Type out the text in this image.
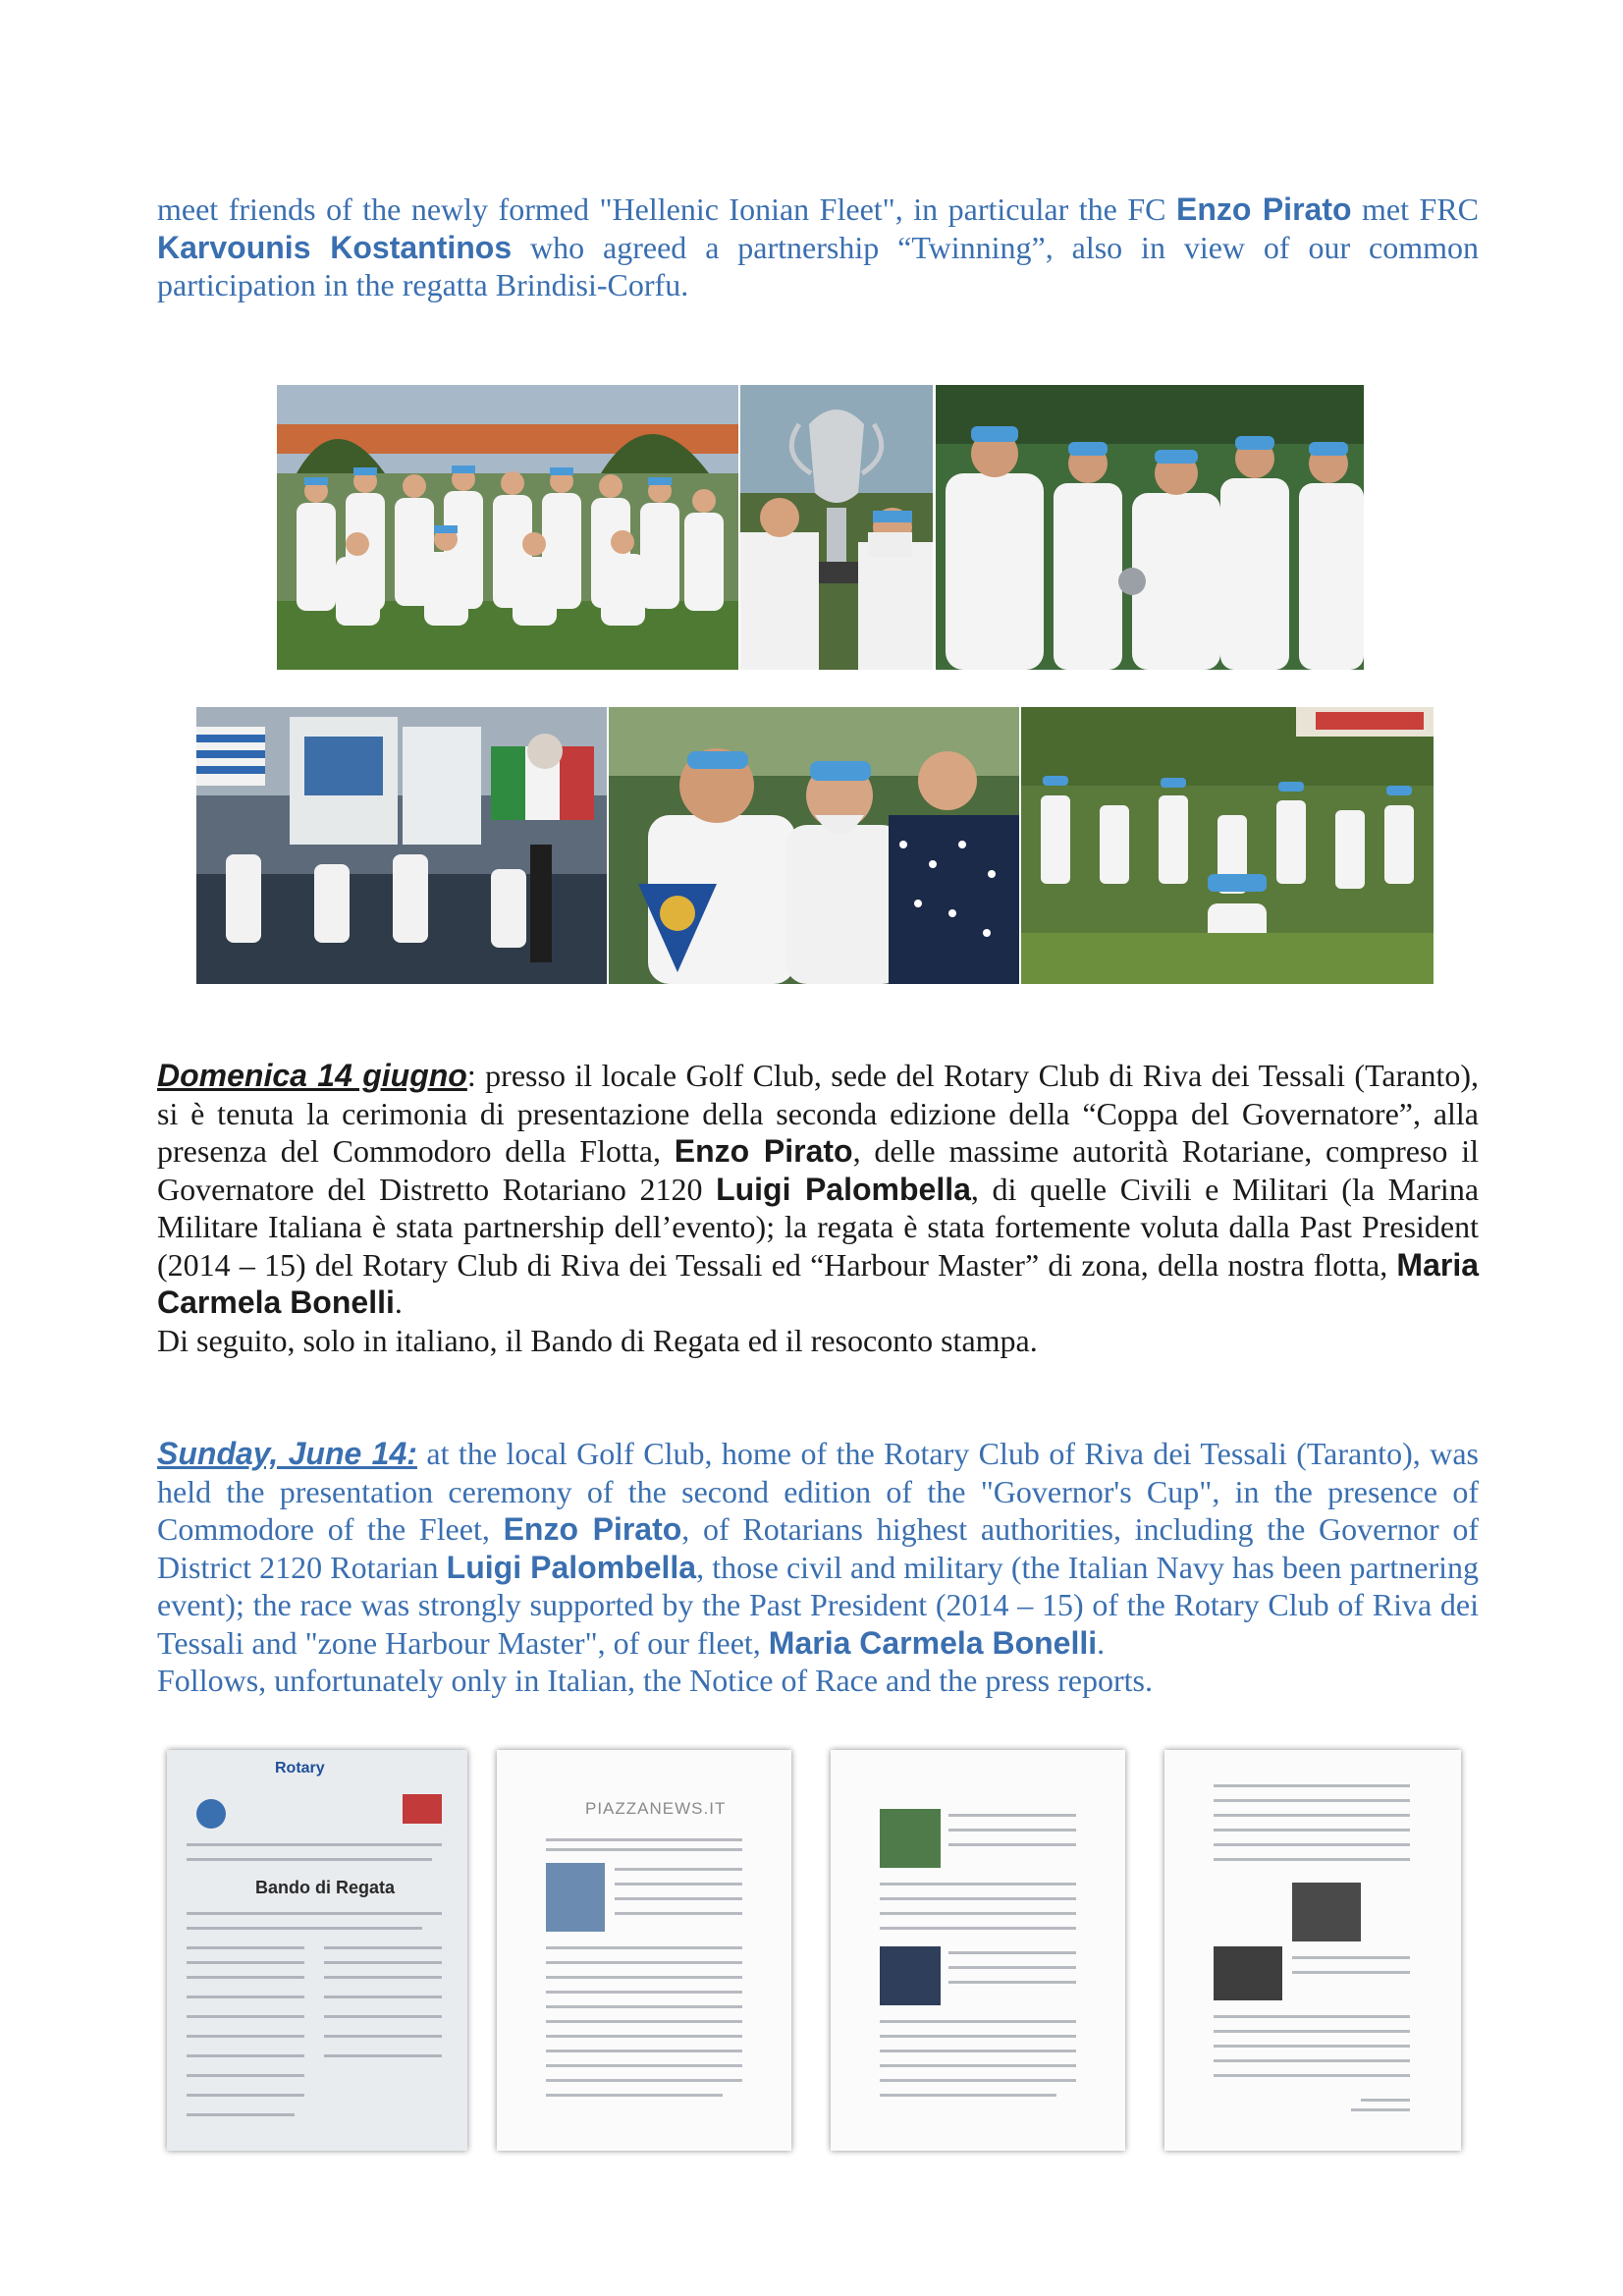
meet friends of the newly formed "Hellenic Ionian Fleet", in particular the FC Enzo Pirato met FRC Karvounis Kostantinos who agreed a partnership “Twinning”, also in view of our common participation in the regatta Brindisi-Corfu.
Domenica 14 giugno: presso il locale Golf Club, sede del Rotary Club di Riva dei Tessali (Taranto), si è tenuta la cerimonia di presentazione della seconda edizione della “Coppa del Governatore”, alla presenza del Commodoro della Flotta, Enzo Pirato, delle massime autorità Rotariane, compreso il Governatore del Distretto Rotariano 2120 Luigi Palombella, di quelle Civili e Militari (la Marina Militare Italiana è stata partnership dell’evento); la regata è stata fortemente voluta dalla Past President (2014 – 15) del Rotary Club di Riva dei Tessali ed “Harbour Master” di zona, della nostra flotta, Maria Carmela Bonelli.
Di seguito, solo in italiano, il Bando di Regata ed il resoconto stampa.
Sunday, June 14: at the local Golf Club, home of the Rotary Club of Riva dei Tessali (Taranto), was held the presentation ceremony of the second edition of the "Governor's Cup", in the presence of Commodore of the Fleet, Enzo Pirato, of Rotarians highest authorities, including the Governor of District 2120 Rotarian Luigi Palombella, those civil and military (the Italian Navy has been partnering event); the race was strongly supported by the Past President (2014 – 15) of the Rotary Club of Riva dei Tessali and "zone Harbour Master", of our fleet, Maria Carmela Bonelli.
Follows, unfortunately only in Italian, the Notice of Race and the press reports.
Rotary
Bando di Regata
PIAZZANEWS.IT
